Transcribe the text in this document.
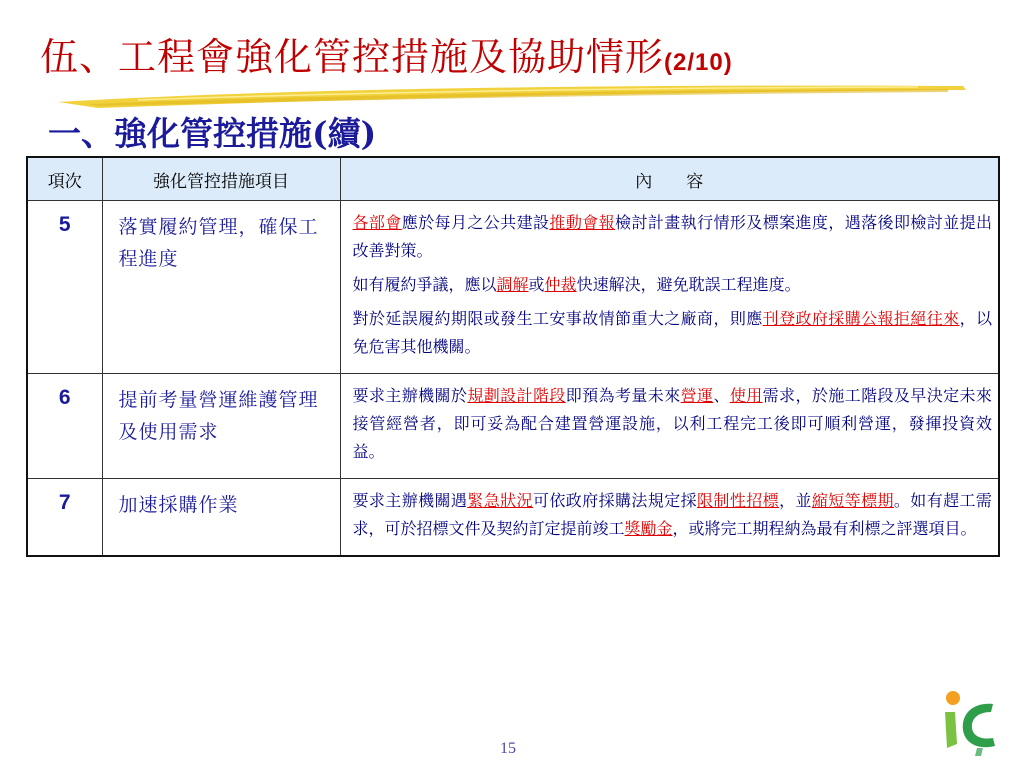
伍、工程會強化管控措施及協助情形(2/10)
一、強化管控措施(續)
項次	強化管控措施項目	內　　容
5	落實履約管理，確保工程進度	各部會應於每月之公共建設推動會報檢討計畫執行情形及標案進度，遇落後即檢討並提出改善對策。

如有履約爭議，應以調解或仲裁快速解決，避免耽誤工程進度。

對於延誤履約期限或發生工安事故情節重大之廠商，則應刊登政府採購公報拒絕往來，以免危害其他機關。

6	提前考量營運維護管理及使用需求	要求主辦機關於規劃設計階段即預為考量未來營運、使用需求，於施工階段及早決定未來接管經營者，即可妥為配合建置營運設施，以利工程完工後即可順利營運，發揮投資效益。

7	加速採購作業	要求主辦機關遇緊急狀況可依政府採購法規定採限制性招標，並縮短等標期。如有趕工需求，可於招標文件及契約訂定提前竣工獎勵金，或將完工期程納為最有利標之評選項目。

15
